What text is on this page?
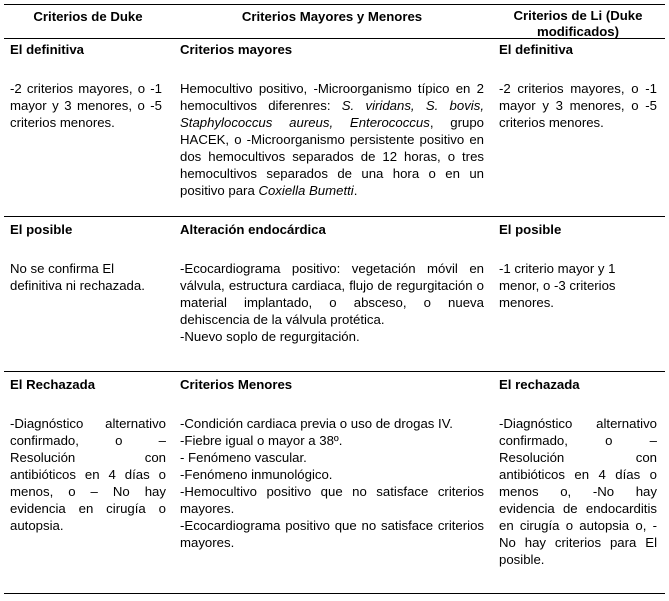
Criterios de Duke	Criterios Mayores y Menores	Criterios de Li (Duke modificados)

El definitiva

-2 criterios mayores, o -1 mayor y 3 menores, o -5 criterios menores.

Criterios mayores

Hemocultivo positivo, -Microorganismo típico en 2 hemocultivos diferenres: S. viridans, S. bovis, Staphylococcus aureus, Enterococcus, grupo HACEK, o -Microorganismo persistente positivo en dos hemocultivos separados de 12 horas, o tres hemocultivos separados de una hora o en un positivo para Coxiella Bumetti.

El definitiva

-2 criterios mayores, o -1 mayor y 3 menores, o -5 criterios menores.

El posible

No se confirma El definitiva ni rechazada.

Alteración endocárdica

-Ecocardiograma positivo: vegetación móvil en válvula, estructura cardiaca, flujo de regurgitación o material implantado, o absceso, o nueva dehiscencia de la válvula protética.

-Nuevo soplo de regurgitación.

El posible

-1 criterio mayor y 1 menor, o -3 criterios menores.

El Rechazada

-Diagnóstico alternativo confirmado, o – Resolución con antibióticos en 4 días o menos, o – No hay evidencia en cirugía o autopsia.

Criterios Menores

-Condición cardiaca previa o uso de drogas IV.

-Fiebre igual o mayor a 38º.

- Fenómeno vascular.

-Fenómeno inmunológico.

-Hemocultivo positivo que no satisface criterios mayores.

-Ecocardiograma positivo que no satisface criterios mayores.

El rechazada

-Diagnóstico alternativo confirmado, o – Resolución con antibióticos en 4 días o menos o, -No hay evidencia de endocarditis en cirugía o autopsia o, -No hay criterios para El posible.
